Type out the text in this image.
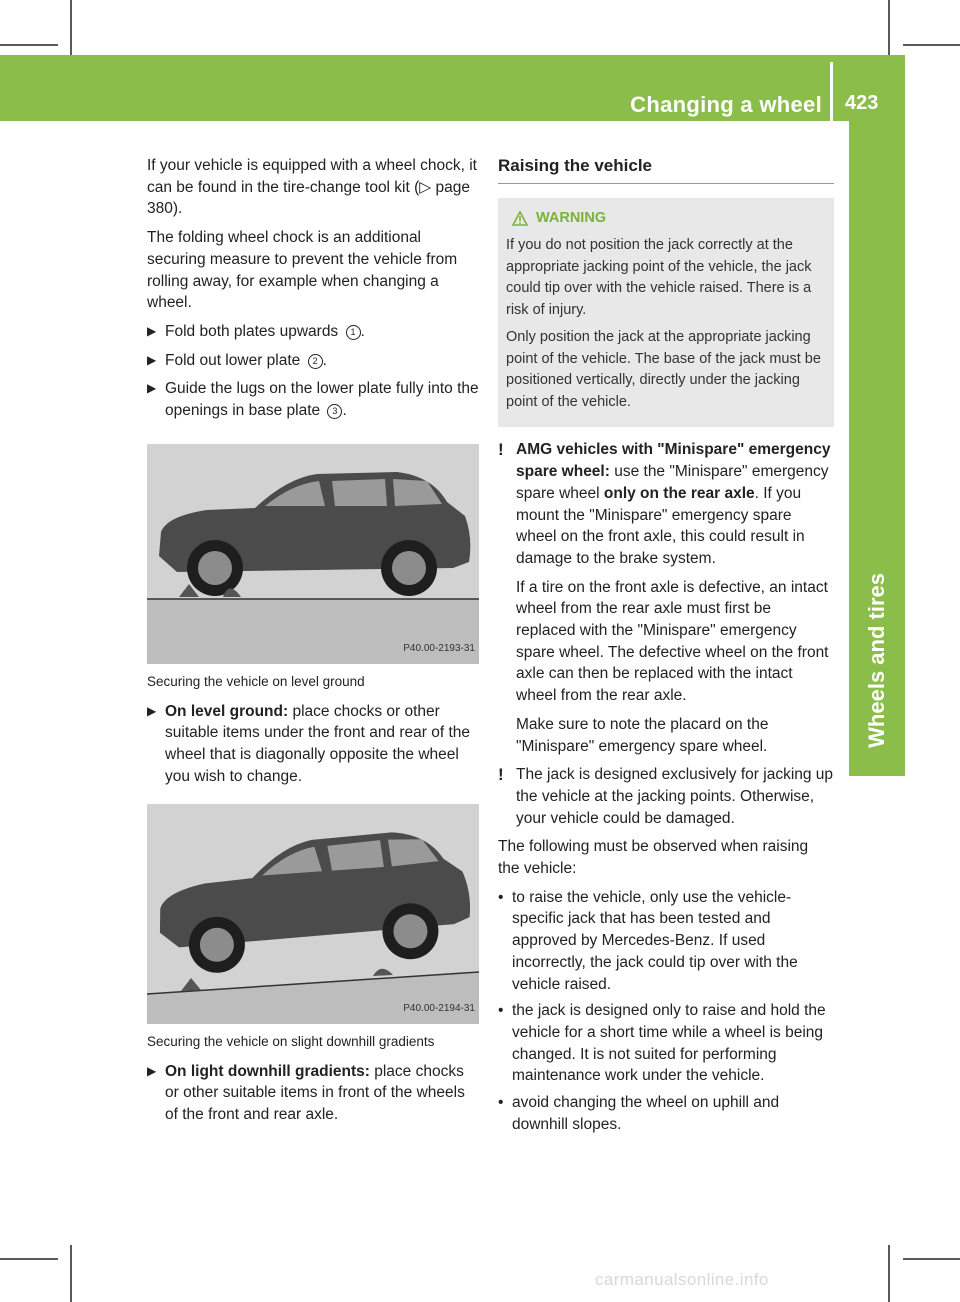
Changing a wheel 423
Wheels and tires

If your vehicle is equipped with a wheel chock, it can be found in the tire-change tool kit (▷ page 380).

The folding wheel chock is an additional securing measure to prevent the vehicle from rolling away, for example when changing a wheel.

▶ Fold both plates upwards 1 .
▶ Fold out lower plate 2 .
▶ Guide the lugs on the lower plate fully into the openings in base plate 3 .
P40.00-2193-31
Securing the vehicle on level ground
▶ On level ground: place chocks or other suitable items under the front and rear of the wheel that is diagonally opposite the wheel you wish to change.
P40.00-2194-31
Securing the vehicle on slight downhill gradients
▶ On light downhill gradients: place chocks or other suitable items in front of the wheels of the front and rear axle.
Raising the vehicle
WARNING

If you do not position the jack correctly at the appropriate jacking point of the vehicle, the jack could tip over with the vehicle raised. There is a risk of injury.

Only position the jack at the appropriate jacking point of the vehicle. The base of the jack must be positioned vertically, directly under the jacking point of the vehicle.

! AMG vehicles with "Minispare" emergency spare wheel: use the "Minispare" emergency spare wheel only on the rear axle. If you mount the "Minispare" emergency spare wheel on the front axle, this could result in damage to the brake system.

If a tire on the front axle is defective, an intact wheel from the rear axle must first be replaced with the "Minispare" emergency spare wheel. The defective wheel on the front axle can then be replaced with the intact wheel from the rear axle.

Make sure to note the placard on the "Minispare" emergency spare wheel.

! The jack is designed exclusively for jacking up the vehicle at the jacking points. Otherwise, your vehicle could be damaged.

The following must be observed when raising the vehicle:

• to raise the vehicle, only use the vehicle-specific jack that has been tested and approved by Mercedes-Benz. If used incorrectly, the jack could tip over with the vehicle raised.
• the jack is designed only to raise and hold the vehicle for a short time while a wheel is being changed. It is not suited for performing maintenance work under the vehicle.
• avoid changing the wheel on uphill and downhill slopes.
carmanualsonline.info
